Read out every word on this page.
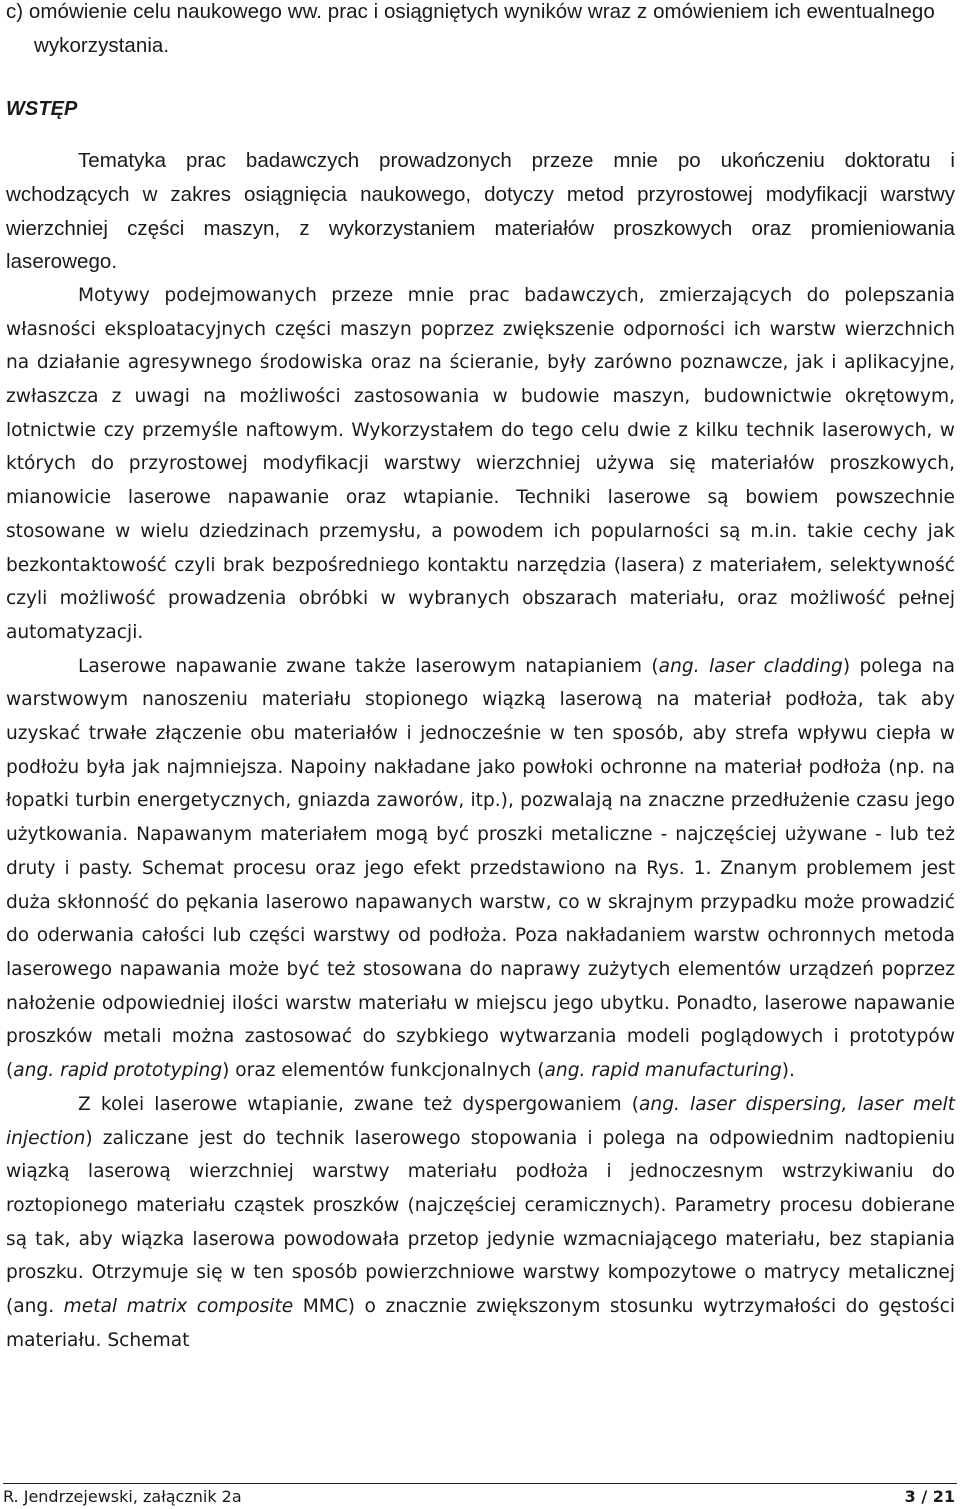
c) omówienie celu naukowego ww. prac i osiągniętych wyników wraz z omówieniem ich ewentualnego wykorzystania.

WSTĘP

Tematyka prac badawczych prowadzonych przeze mnie po ukończeniu doktoratu i wchodzących w zakres osiągnięcia naukowego, dotyczy metod przyrostowej modyfikacji warstwy wierzchniej części maszyn, z wykorzystaniem materiałów proszkowych oraz promieniowania laserowego.

Motywy podejmowanych przeze mnie prac badawczych, zmierzających do polepszania własności eksploatacyjnych części maszyn poprzez zwiększenie odporności ich warstw wierzchnich na działanie agresywnego środowiska oraz na ścieranie, były zarówno poznawcze, jak i aplikacyjne, zwłaszcza z uwagi na możliwości zastosowania w budowie maszyn, budownictwie okrętowym, lotnictwie czy przemyśle naftowym. Wykorzystałem do tego celu dwie z kilku technik laserowych, w których do przyrostowej modyfikacji warstwy wierzchniej używa się materiałów proszkowych, mianowicie laserowe napawanie oraz wtapianie. Techniki laserowe są bowiem powszechnie stosowane w wielu dziedzinach przemysłu, a powodem ich popularności są m.in. takie cechy jak bezkontaktowość czyli brak bezpośredniego kontaktu narzędzia (lasera) z materiałem, selektywność czyli możliwość prowadzenia obróbki w wybranych obszarach materiału, oraz możliwość pełnej automatyzacji.

Laserowe napawanie zwane także laserowym natapianiem (ang. laser cladding) polega na warstwowym nanoszeniu materiału stopionego wiązką laserową na materiał podłoża, tak aby uzyskać trwałe złączenie obu materiałów i jednocześnie w ten sposób, aby strefa wpływu ciepła w podłożu była jak najmniejsza. Napoiny nakładane jako powłoki ochronne na materiał podłoża (np. na łopatki turbin energetycznych, gniazda zaworów, itp.), pozwalają na znaczne przedłużenie czasu jego użytkowania. Napawanym materiałem mogą być proszki metaliczne - najczęściej używane - lub też druty i pasty. Schemat procesu oraz jego efekt przedstawiono na Rys. 1. Znanym problemem jest duża skłonność do pękania laserowo napawanych warstw, co w skrajnym przypadku może prowadzić do oderwania całości lub części warstwy od podłoża. Poza nakładaniem warstw ochronnych metoda laserowego napawania może być też stosowana do naprawy zużytych elementów urządzeń poprzez nałożenie odpowiedniej ilości warstw materiału w miejscu jego ubytku. Ponadto, laserowe napawanie proszków metali można zastosować do szybkiego wytwarzania modeli poglądowych i prototypów (ang. rapid prototyping) oraz elementów funkcjonalnych (ang. rapid manufacturing).

Z kolei laserowe wtapianie, zwane też dyspergowaniem (ang. laser dispersing, laser melt injection) zaliczane jest do technik laserowego stopowania i polega na odpowiednim nadtopieniu wiązką laserową wierzchniej warstwy materiału podłoża i jednoczesnym wstrzykiwaniu do roztopionego materiału cząstek proszków (najczęściej ceramicznych). Parametry procesu dobierane są tak, aby wiązka laserowa powodowała przetop jedynie wzmacniającego materiału, bez stapiania proszku. Otrzymuje się w ten sposób powierzchniowe warstwy kompozytowe o matrycy metalicznej (ang. metal matrix composite MMC) o znacznie zwiększonym stosunku wytrzymałości do gęstości materiału. Schemat

R. Jendrzejewski, załącznik 2a	3 / 21
